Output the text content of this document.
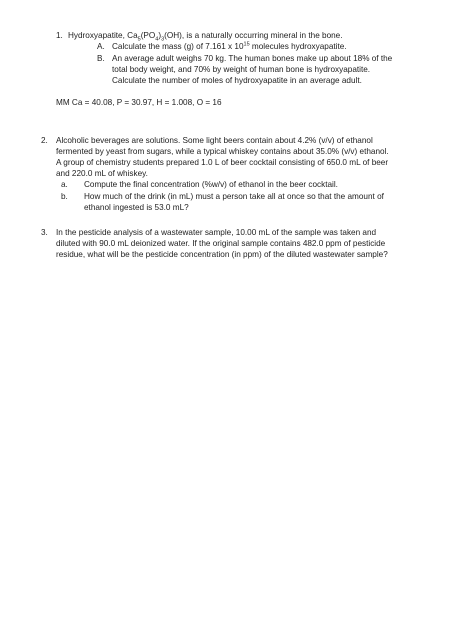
1. Hydroxyapatite, $Ca_5(PO_4)_3(OH)$, is a naturally occurring mineral in the bone.
A. Calculate the mass (g) of 7.161 x $10^{15}$ molecules hydroxyapatite.
B. An average adult weighs 70 kg. The human bones make up about 18% of the
total body weight, and 70% by weight of human bone is hydroxyapatite.
Calculate the number of moles of hydroxyapatite in an average adult.
MM Ca = 40.08, P = 30.97, H = 1.008, O = 16
2. Alcoholic beverages are solutions. Some light beers contain about 4.2% (v/v) of ethanol
fermented by yeast from sugars, while a typical whiskey contains about 35.0% (v/v) ethanol.
A group of chemistry students prepared 1.0 L of beer cocktail consisting of 650.0 mL of beer
and 220.0 mL of whiskey.
a. Compute the final concentration (%w/v) of ethanol in the beer cocktail.
b. How much of the drink (in mL) must a person take all at once so that the amount of
ethanol ingested is 53.0 mL?
3. In the pesticide analysis of a wastewater sample, 10.00 mL of the sample was taken and
diluted with 90.0 mL deionized water. If the original sample contains 482.0 ppm of pesticide
residue, what will be the pesticide concentration (in ppm) of the diluted wastewater sample?
